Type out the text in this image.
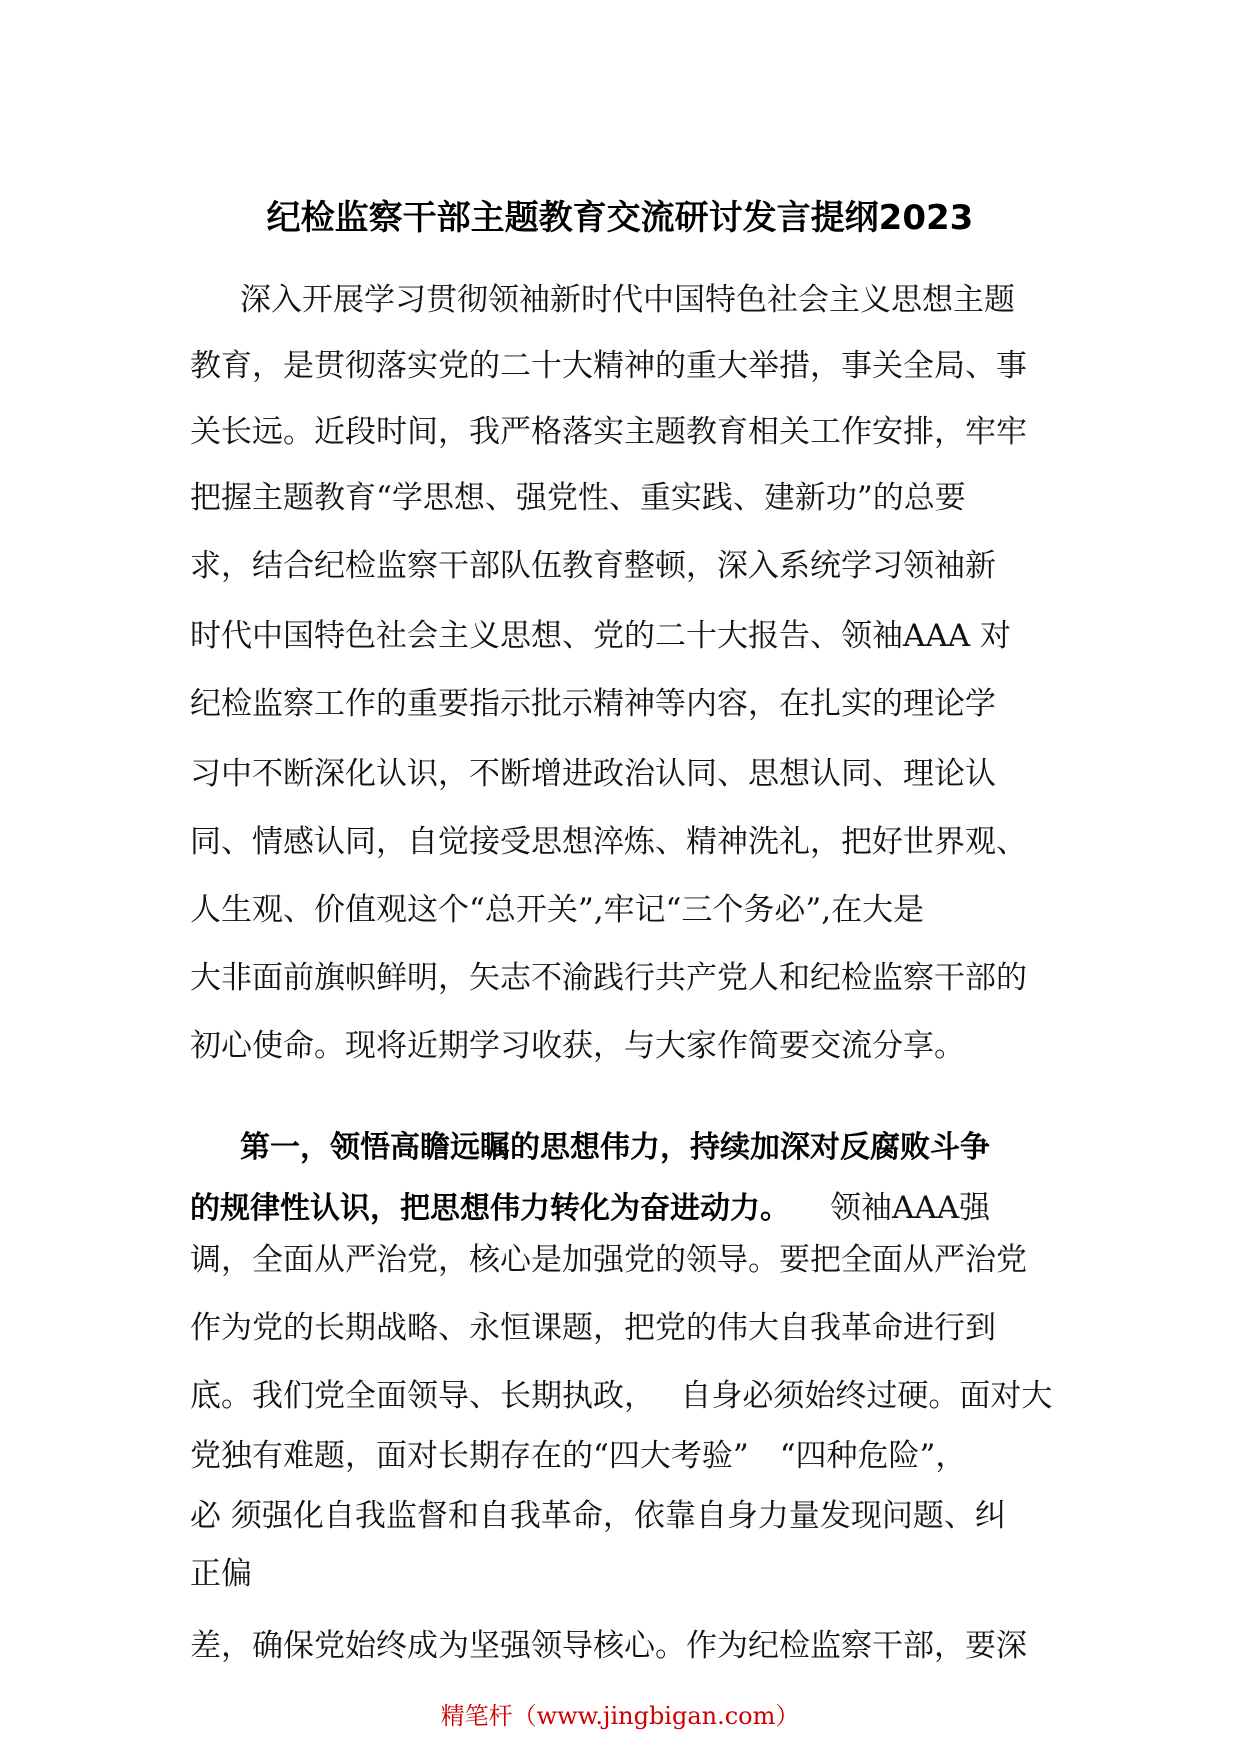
纪检监察干部主题教育交流研讨发言提纲2023
深入开展学习贯彻领袖新时代中国特色社会主义思想主题
教育，是贯彻落实党的二十大精神的重大举措，事关全局、事
关长远。近段时间，我严格落实主题教育相关工作安排，牢牢
把握主题教育“学思想、强党性、重实践、建新功”的总要
求，结合纪检监察干部队伍教育整顿，深入系统学习领袖新
时代中国特色社会主义思想、党的二十大报告、领袖AAA 对
纪检监察工作的重要指示批示精神等内容，在扎实的理论学
习中不断深化认识，不断增进政治认同、思想认同、理论认
同、情感认同，自觉接受思想淬炼、精神洗礼，把好世界观、
人生观、价值观这个“总开关”,牢记“三个务必”,在大是
大非面前旗帜鲜明，矢志不渝践行共产党人和纪检监察干部的
初心使命。现将近期学习收获，与大家作简要交流分享。
第一，领悟高瞻远瞩的思想伟力，持续加深对反腐败斗争
的规律性认识，把思想伟力转化为奋进动力。 领袖AAA强
调，全面从严治党，核心是加强党的领导。要把全面从严治党
作为党的长期战略、永恒课题，把党的伟大自我革命进行到
底。我们党全面领导、长期执政，　 自身必须始终过硬。面对大
党独有难题，面对长期存在的“四大考验”　“四种危险”，
必 须强化自我监督和自我革命，依靠自身力量发现问题、纠
正偏
差，确保党始终成为坚强领导核心。作为纪检监察干部，要深
精笔杆（www.jingbigan.com）
